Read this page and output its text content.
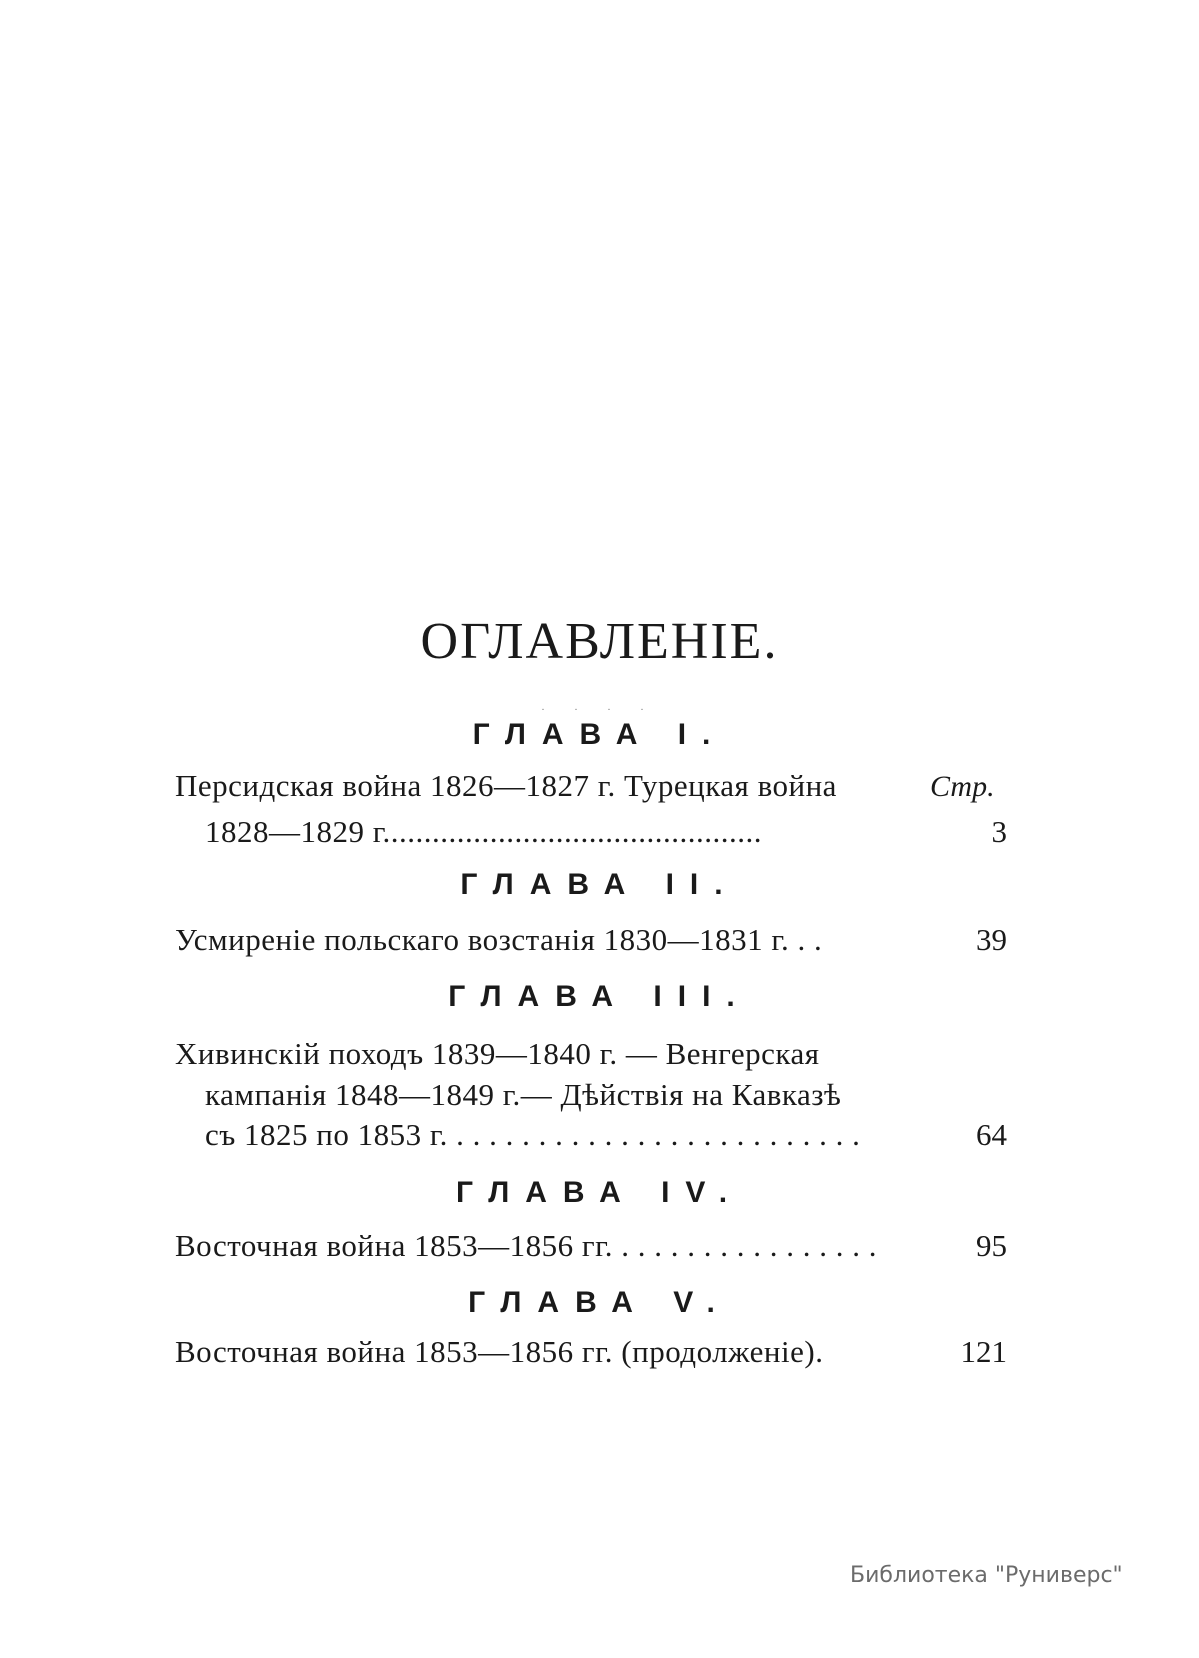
ОГЛАВЛЕНІЕ.
. . . .
Стр.
ГЛАВА I.
Персидская война 1826—1827 г. Турецкая война
1828—1829 г..............................................	3
ГЛАВА II.
Усмиреніе польскаго возстанія 1830—1831 г. . .	39
ГЛАВА III.
Хивинскій походъ 1839—1840 г. — Венгерская
кампанія 1848—1849 г.— Дѣйствія на Кавказѣ
съ 1825 по 1853 г. . . . . . . . . . . . . . . . . . . . . . . . . .	64
ГЛАВА IV.
Восточная война 1853—1856 гг. . . . . . . . . . . . . . . . .	95
ГЛАВА V.
Восточная война 1853—1856 гг. (продолженіе).	121
Библиотека "Руниверс"
